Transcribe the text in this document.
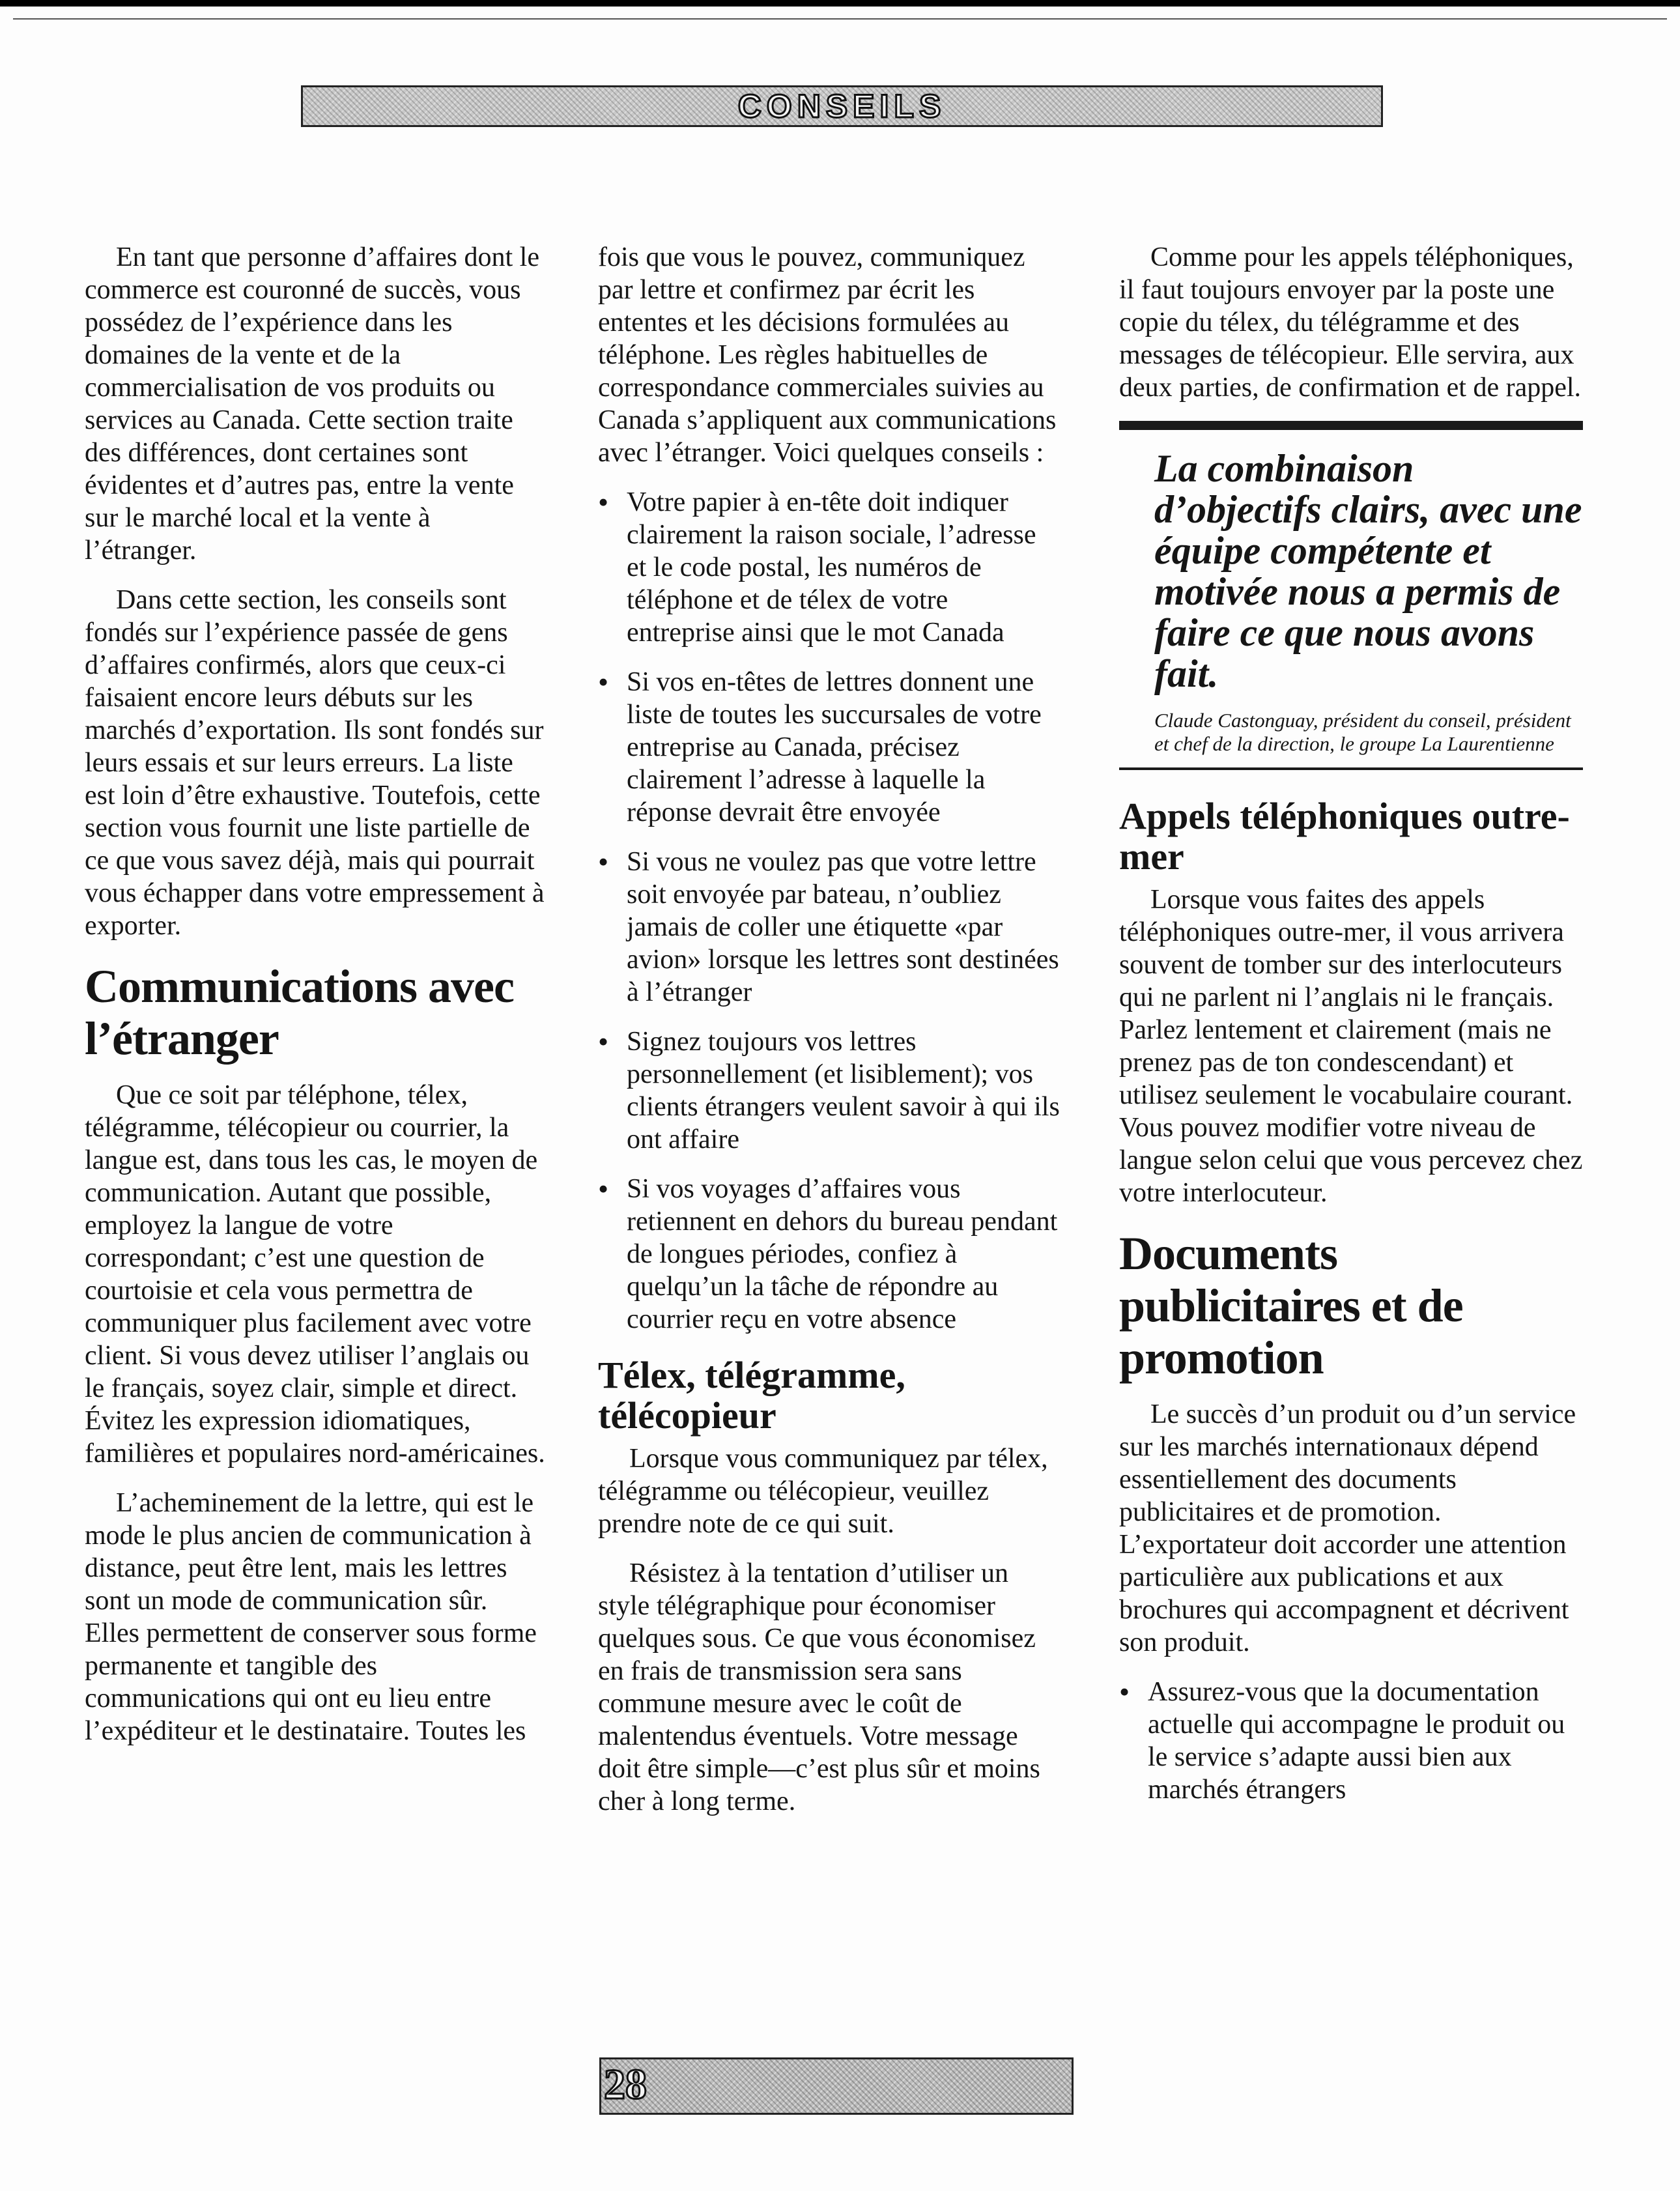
CONSEILS

En tant que personne d’affaires dont le commerce est couronné de succès, vous possédez de l’expérience dans les domaines de la vente et de la commercialisation de vos produits ou services au Canada. Cette section traite des différences, dont certaines sont évidentes et d’autres pas, entre la vente sur le marché local et la vente à l’étranger.

Dans cette section, les conseils sont fondés sur l’expérience passée de gens d’affaires confirmés, alors que ceux-ci faisaient encore leurs débuts sur les marchés d’exportation. Ils sont fondés sur leurs essais et sur leurs erreurs. La liste est loin d’être exhaustive. Toutefois, cette section vous fournit une liste partielle de ce que vous savez déjà, mais qui pourrait vous échapper dans votre empressement à exporter.

Communications avec l’étranger

Que ce soit par téléphone, télex, télégramme, télécopieur ou courrier, la langue est, dans tous les cas, le moyen de communication. Autant que possible, employez la langue de votre correspondant; c’est une question de courtoisie et cela vous permettra de communiquer plus facilement avec votre client. Si vous devez utiliser l’anglais ou le français, soyez clair, simple et direct. Évitez les expression idiomatiques, familières et populaires nord-américaines.

L’acheminement de la lettre, qui est le mode le plus ancien de communication à distance, peut être lent, mais les lettres sont un mode de communication sûr. Elles permettent de conserver sous forme permanente et tangible des communications qui ont eu lieu entre l’expéditeur et le destinataire. Toutes les

fois que vous le pouvez, communiquez par lettre et confirmez par écrit les ententes et les décisions formulées au téléphone. Les règles habituelles de correspondance commerciales suivies au Canada s’appliquent aux communications avec l’étranger. Voici quelques conseils :

• Votre papier à en-tête doit indiquer clairement la raison sociale, l’adresse et le code postal, les numéros de téléphone et de télex de votre entreprise ainsi que le mot Canada
• Si vos en-têtes de lettres donnent une liste de toutes les succursales de votre entreprise au Canada, précisez clairement l’adresse à laquelle la réponse devrait être envoyée
• Si vous ne voulez pas que votre lettre soit envoyée par bateau, n’oubliez jamais de coller une étiquette «par avion» lorsque les lettres sont destinées à l’étranger
• Signez toujours vos lettres personnellement (et lisiblement); vos clients étrangers veulent savoir à qui ils ont affaire
• Si vos voyages d’affaires vous retiennent en dehors du bureau pendant de longues périodes, confiez à quelqu’un la tâche de répondre au courrier reçu en votre absence
Télex, télégramme, télécopieur

Lorsque vous communiquez par télex, télégramme ou télécopieur, veuillez prendre note de ce qui suit.

Résistez à la tentation d’utiliser un style télégraphique pour économiser quelques sous. Ce que vous économisez en frais de transmission sera sans commune mesure avec le coût de malentendus éventuels. Votre message doit être simple—c’est plus sûr et moins cher à long terme.

Comme pour les appels téléphoniques, il faut toujours envoyer par la poste une copie du télex, du télégramme et des messages de télécopieur. Elle servira, aux deux parties, de confirmation et de rappel.

La combinaison d’objectifs clairs, avec une équipe compétente et motivée nous a permis de faire ce que nous avons fait.
Claude Castonguay, président du conseil, président et chef de la direction, le groupe La Laurentienne
Appels téléphoniques outre-mer

Lorsque vous faites des appels téléphoniques outre-mer, il vous arrivera souvent de tomber sur des interlocuteurs qui ne parlent ni l’anglais ni le français. Parlez lentement et clairement (mais ne prenez pas de ton condescendant) et utilisez seulement le vocabulaire courant. Vous pouvez modifier votre niveau de langue selon celui que vous percevez chez votre interlocuteur.

Documents publicitaires et de promotion

Le succès d’un produit ou d’un service sur les marchés internationaux dépend essentiellement des documents publicitaires et de promotion. L’exportateur doit accorder une attention particulière aux publications et aux brochures qui accompagnent et décrivent son produit.

• Assurez-vous que la documentation actuelle qui accompagne le produit ou le service s’adapte aussi bien aux marchés étrangers
28
